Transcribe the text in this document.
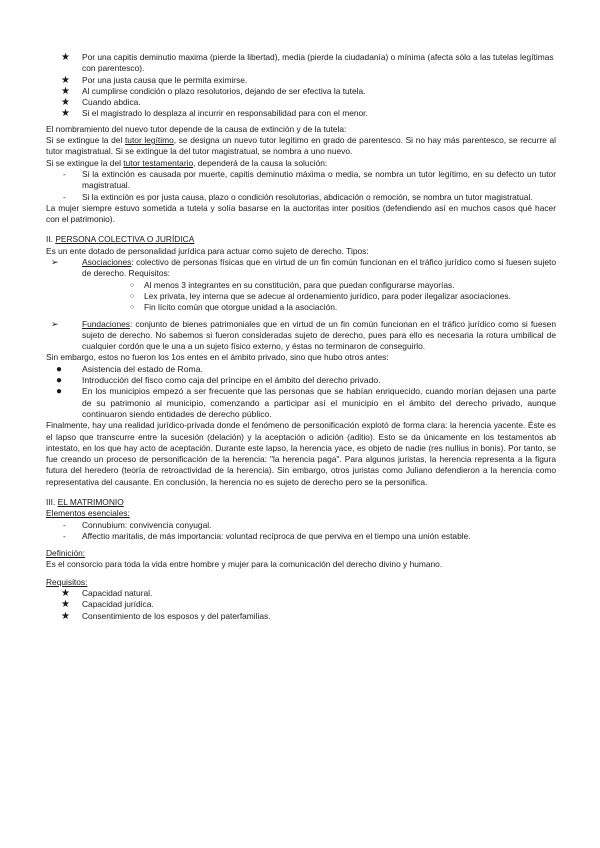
★ Por una capitis deminutio maxima (pierde la libertad), media (pierde la ciudadanía) o mínima (afecta sólo a las tutelas legítimas con parentesco).
★ Por una justa causa que le permita eximirse.
★ Al cumplirse condición o plazo resolutorios, dejando de ser efectiva la tutela.
★ Cuando abdica.
★ Si el magistrado lo desplaza al incurrir en responsabilidad para con el menor.

El nombramiento del nuevo tutor depende de la causa de extinción y de la tutela:

Si se extingue la del tutor legítimo, se designa un nuevo tutor legítimo en grado de parentesco. Si no hay más parentesco, se recurre al tutor magistratual. Si se extingue la del tutor magistratual, se nombra a uno nuevo.

Si se extingue la del tutor testamentario, dependerá de la causa la solución:

- Si la extinción es causada por muerte, capitis deminutio máxima o media, se nombra un tutor legítimo, en su defecto un tutor magistratual.
- Si la extinción es por justa causa, plazo o condición resolutorias, abdicación o remoción, se nombra un tutor magistratual.

La mujer siempre estuvo sometida a tutela y solía basarse en la auctoritas inter positios (defendiendo así en muchos casos qué hacer con el patrimonio).

II. PERSONA COLECTIVA O JURÍDICA

Es un ente dotado de personalidad jurídica para actuar como sujeto de derecho. Tipos:

➢	Asociaciones: colectivo de personas físicas que en virtud de un fin común funcionan en el tráfico jurídico como si fuesen sujeto de derecho. Requisitos:
○ Al menos 3 integrantes en su constitución, para que puedan configurarse mayorías.
○ Lex privata, ley interna que se adecue al ordenamiento jurídico, para poder ilegalizar asociaciones.
○ Fin lícito común que otorgue unidad a la asociación.
➢	Fundaciones: conjunto de bienes patrimoniales que en virtud de un fin común funcionan en el tráfico jurídico como si fuesen sujeto de derecho. No sabemos si fueron consideradas sujeto de derecho, pues para ello es necesaria la rotura umbilical de cualquier cordón que le una a un sujeto físico externo, y éstas no terminaron de conseguirlo.

Sin embargo, estos no fueron los 1os entes en el ámbito privado, sino que hubo otros antes:

● Asistencia del estado de Roma.
● Introducción del fisco como caja del príncipe en el ámbito del derecho privado.
● En los municipios empezó a ser frecuente que las personas que se habían enriquecido, cuando morían dejasen una parte de su patrimonio al municipio, comenzando a participar así el municipio en el ámbito del derecho privado, aunque continuaron siendo entidades de derecho público.

Finalmente, hay una realidad jurídico-privada donde el fenómeno de personificación explotó de forma clara: la herencia yacente. Éste es el lapso que transcurre entre la sucesión (delación) y la aceptación o adición (aditio). Esto se da únicamente en los testamentos ab intestato, en los que hay acto de aceptación. Durante este lapso, la herencia yace, es objeto de nadie (res nullius in bonis). Por tanto, se fue creando un proceso de personificación de la herencia: "la herencia paga". Para algunos juristas, la herencia representa a la figura futura del heredero (teoría de retroactividad de la herencia). Sin embargo, otros juristas como Juliano defendieron a la herencia como representativa del causante. En conclusión, la herencia no es sujeto de derecho pero se la personifica.

III. EL MATRIMONIO

Elementos esenciales:

- Connubium: convivencia conyugal.
- Affectio maritalis, de más importancia: voluntad recíproca de que perviva en el tiempo una unión estable.

Definición:

Es el consorcio para toda la vida entre hombre y mujer para la comunicación del derecho divino y humano.

Requisitos:

★ Capacidad natural.
★ Capacidad jurídica.
★ Consentimiento de los esposos y del paterfamilias.
